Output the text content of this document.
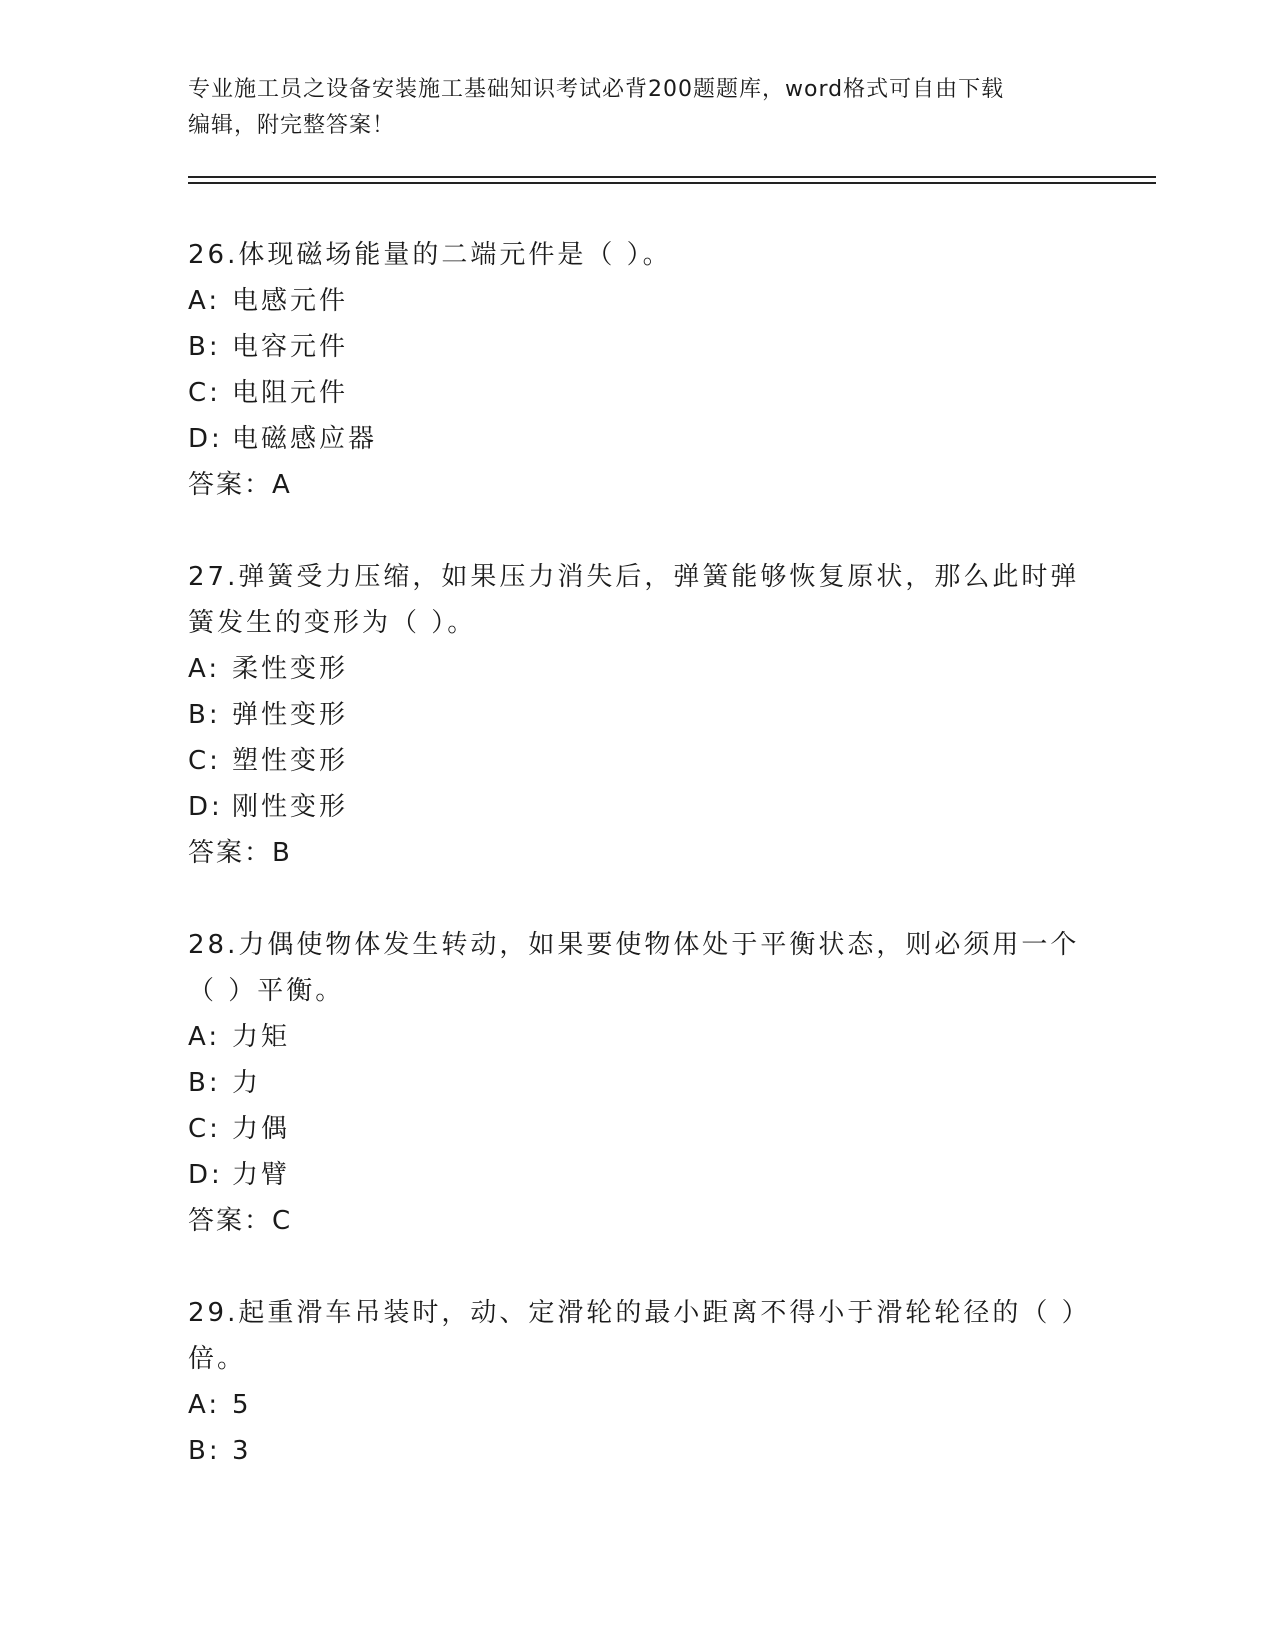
专业施工员之设备安装施工基础知识考试必背200题题库，word格式可自由下载
编辑，附完整答案！
26.体现磁场能量的二端元件是（ ）。
A: 电感元件
B: 电容元件
C: 电阻元件
D: 电磁感应器
答案：A
27.弹簧受力压缩，如果压力消失后，弹簧能够恢复原状，那么此时弹簧发生的变形为（ ）。
A: 柔性变形
B: 弹性变形
C: 塑性变形
D: 刚性变形
答案：B
28.力偶使物体发生转动，如果要使物体处于平衡状态，则必须用一个（ ）平衡。
A: 力矩
B: 力
C: 力偶
D: 力臂
答案：C
29.起重滑车吊装时，动、定滑轮的最小距离不得小于滑轮轮径的（ ）倍。
A: 5
B: 3
